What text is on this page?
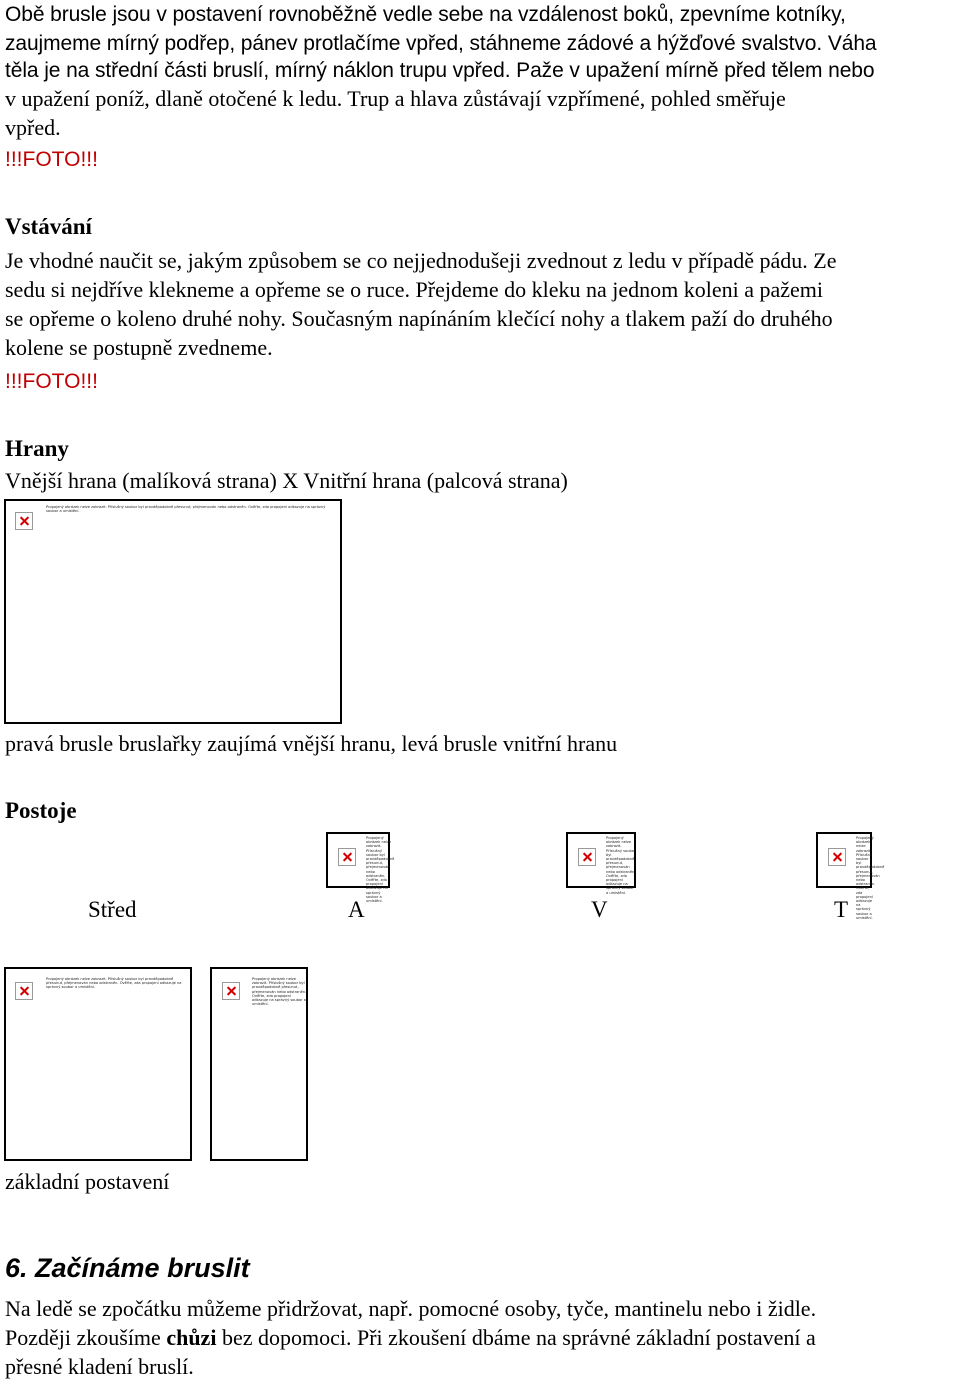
Obě brusle jsou v postavení rovnoběžně vedle sebe na vzdálenost boků, zpevníme kotníky,

zaujmeme mírný podřep, pánev protlačíme vpřed, stáhneme zádové a hýžďové svalstvo. Váha

těla je na střední části bruslí, mírný náklon trupu vpřed. Paže v upažení mírně před tělem nebo

v upažení poníž, dlaně otočené k ledu. Trup a hlava zůstávají vzpřímené, pohled směřuje

vpřed.

!!!FOTO!!!

Vstávání

Je vhodné naučit se, jakým způsobem se co nejjednodušeji zvednout z ledu v případě pádu. Ze

sedu si nejdříve klekneme a opřeme se o ruce. Přejdeme do kleku na jednom koleni a pažemi

se opřeme o koleno druhé nohy. Současným napínáním klečící nohy a tlakem paží do druhého

kolene se postupně zvedneme.

!!!FOTO!!!

Hrany

Vnější hrana (malíková strana) X Vnitřní hrana (palcová strana)

Propojený obrázek nelze zobrazit. Příslušný soubor byl pravděpodobně přesunut, přejmenován nebo odstraněn. Ověřte, zda propojení odkazuje na správný soubor a umístění.

pravá brusle bruslařky zaujímá vnější hranu, levá brusle vnitřní hranu

Postoje

Propojený obrázek nelze zobrazit. Příslušný soubor byl pravděpodobně přesunut, přejmenován nebo odstraněn. Ověřte, zda propojení odkazuje na správný soubor a umístění.
Propojený obrázek nelze zobrazit. Příslušný soubor byl pravděpodobně přesunut, přejmenován nebo odstraněn. Ověřte, zda propojení odkazuje na správný soubor a umístění.
Propojený obrázek nelze zobrazit. Příslušný soubor byl pravděpodobně přesunut, přejmenován nebo odstraněn. Ověřte, zda propojení odkazuje na správný soubor a umístění.
Střed	A	V	T
Propojený obrázek nelze zobrazit. Příslušný soubor byl pravděpodobně přesunut, přejmenován nebo odstraněn. Ověřte, zda propojení odkazuje na správný soubor a umístění.
Propojený obrázek nelze zobrazit. Příslušný soubor byl pravděpodobně přesunut, přejmenován nebo odstraněn. Ověřte, zda propojení odkazuje na správný soubor a umístění.

základní postavení

6. Začínáme bruslit

Na ledě se zpočátku můžeme přidržovat, např. pomocné osoby, tyče, mantinelu nebo i židle.

Později zkoušíme chůzi bez dopomoci. Při zkoušení dbáme na správné základní postavení a

přesné kladení bruslí.
